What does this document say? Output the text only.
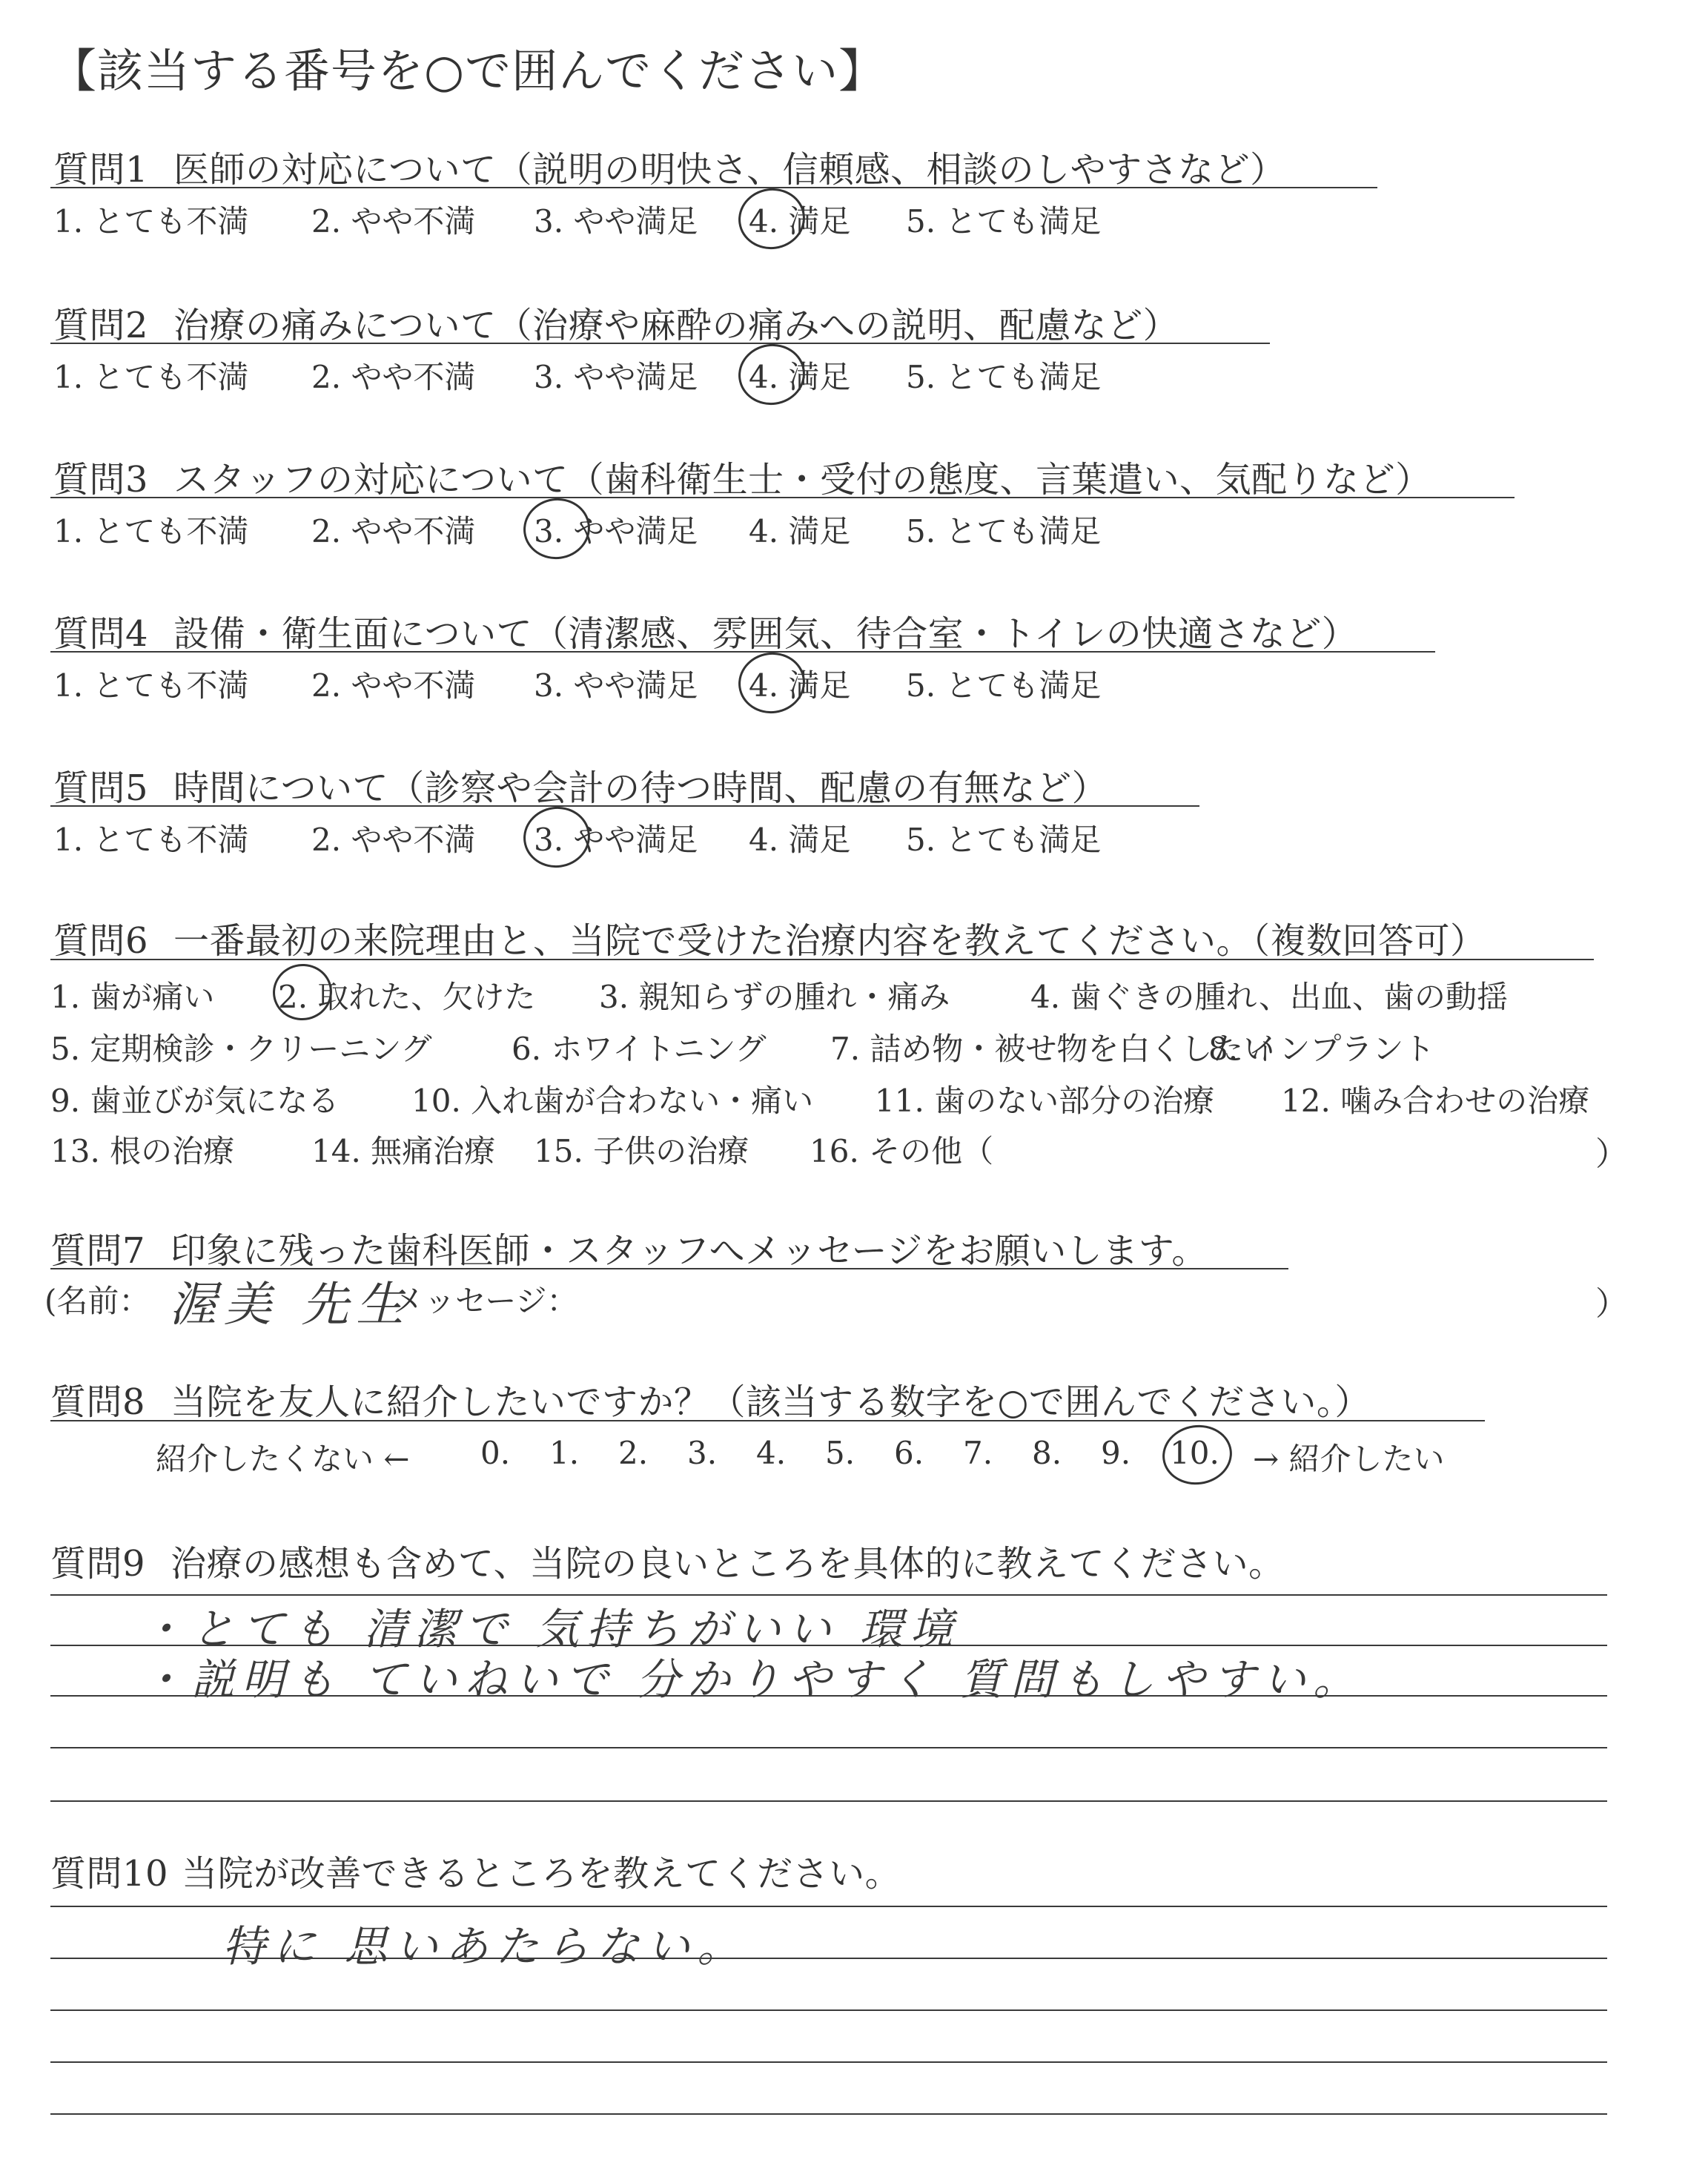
【該当する番号を○で囲んでください】
質問1 医師の対応について（説明の明快さ、信頼感、相談のしやすさなど）
1. とても不満 2. やや不満 3. やや満足 4. 満足 5. とても満足
質問2 治療の痛みについて（治療や麻酔の痛みへの説明、配慮など）
1. とても不満 2. やや不満 3. やや満足 4. 満足 5. とても満足
質問3 スタッフの対応について（歯科衛生士・受付の態度、言葉遣い、気配りなど）
1. とても不満 2. やや不満 3. やや満足 4. 満足 5. とても満足
質問4 設備・衛生面について（清潔感、雰囲気、待合室・トイレの快適さなど）
1. とても不満 2. やや不満 3. やや満足 4. 満足 5. とても満足
質問5 時間について（診察や会計の待つ時間、配慮の有無など）
1. とても不満 2. やや不満 3. やや満足 4. 満足 5. とても満足
質問6 一番最初の来院理由と、当院で受けた治療内容を教えてください。（複数回答可）
1. 歯が痛い 2. 取れた、欠けた 3. 親知らずの腫れ・痛み	4. 歯ぐきの腫れ、出血、歯の動揺
5. 定期検診・クリーニング	6. ホワイトニング 7. 詰め物・被せ物を白くしたい
8. インプラント
9. 歯並びが気になる 10. 入れ歯が合わない・痛い 11. 歯のない部分の治療 12. 噛み合わせの治療
13. 根の治療 14. 無痛治療 15. 子供の治療 16. その他（	）
質問7 印象に残った歯科医師・スタッフへメッセージをお願いします。
(名前： 渥美 先生
メッセージ：	）
質問8 当院を友人に紹介したいですか？（該当する数字を○で囲んでください。）
紹介したくない ← 0. 1. 2. 3. 4. 5. 6. 7. 8. 9. 10. → 紹介したい
質問9 治療の感想も含めて、当院の良いところを具体的に教えてください。
・とても 清潔で 気持ちがいい 環境
・説明も ていねいで 分かりやすく 質問もしやすい。
質問10 当院が改善できるところを教えてください。
特に 思いあたらない。
